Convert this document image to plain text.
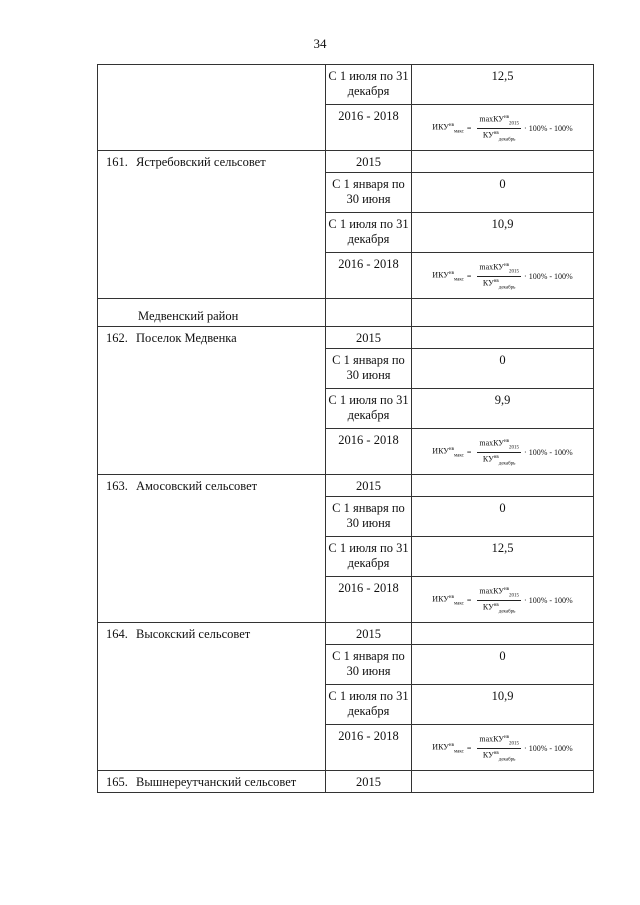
34
	С 1 июля по 31 декабря	12,5
	2016 - 2018	$ИКУ^{нв}_{макс} = \frac{\max КУ^{нв}_{2015}}{КУ^{нв}_{декабрь}} \cdot 100\% - 100\%$

161. Ястребовский сельсовет	2015	
	С 1 января по 30 июня	0
	С 1 июля по 31 декабря	10,9
	2016 - 2018	$ИКУ^{нв}_{макс} = \frac{\max КУ^{нв}_{2015}}{КУ^{нв}_{декабрь}} \cdot 100\% - 100\%$

Медвенский район		
162. Поселок Медвенка	2015	
	С 1 января по 30 июня	0
	С 1 июля по 31 декабря	9,9
	2016 - 2018	$ИКУ^{нв}_{макс} = \frac{\max КУ^{нв}_{2015}}{КУ^{нв}_{декабрь}} \cdot 100\% - 100\%$

163. Амосовский сельсовет	2015	
	С 1 января по 30 июня	0
	С 1 июля по 31 декабря	12,5
	2016 - 2018	$ИКУ^{нв}_{макс} = \frac{\max КУ^{нв}_{2015}}{КУ^{нв}_{декабрь}} \cdot 100\% - 100\%$

164. Высокский сельсовет	2015	
	С 1 января по 30 июня	0
	С 1 июля по 31 декабря	10,9
	2016 - 2018	$ИКУ^{нв}_{макс} = \frac{\max КУ^{нв}_{2015}}{КУ^{нв}_{декабрь}} \cdot 100\% - 100\%$

165. Вышнереутчанский сельсовет	2015	
